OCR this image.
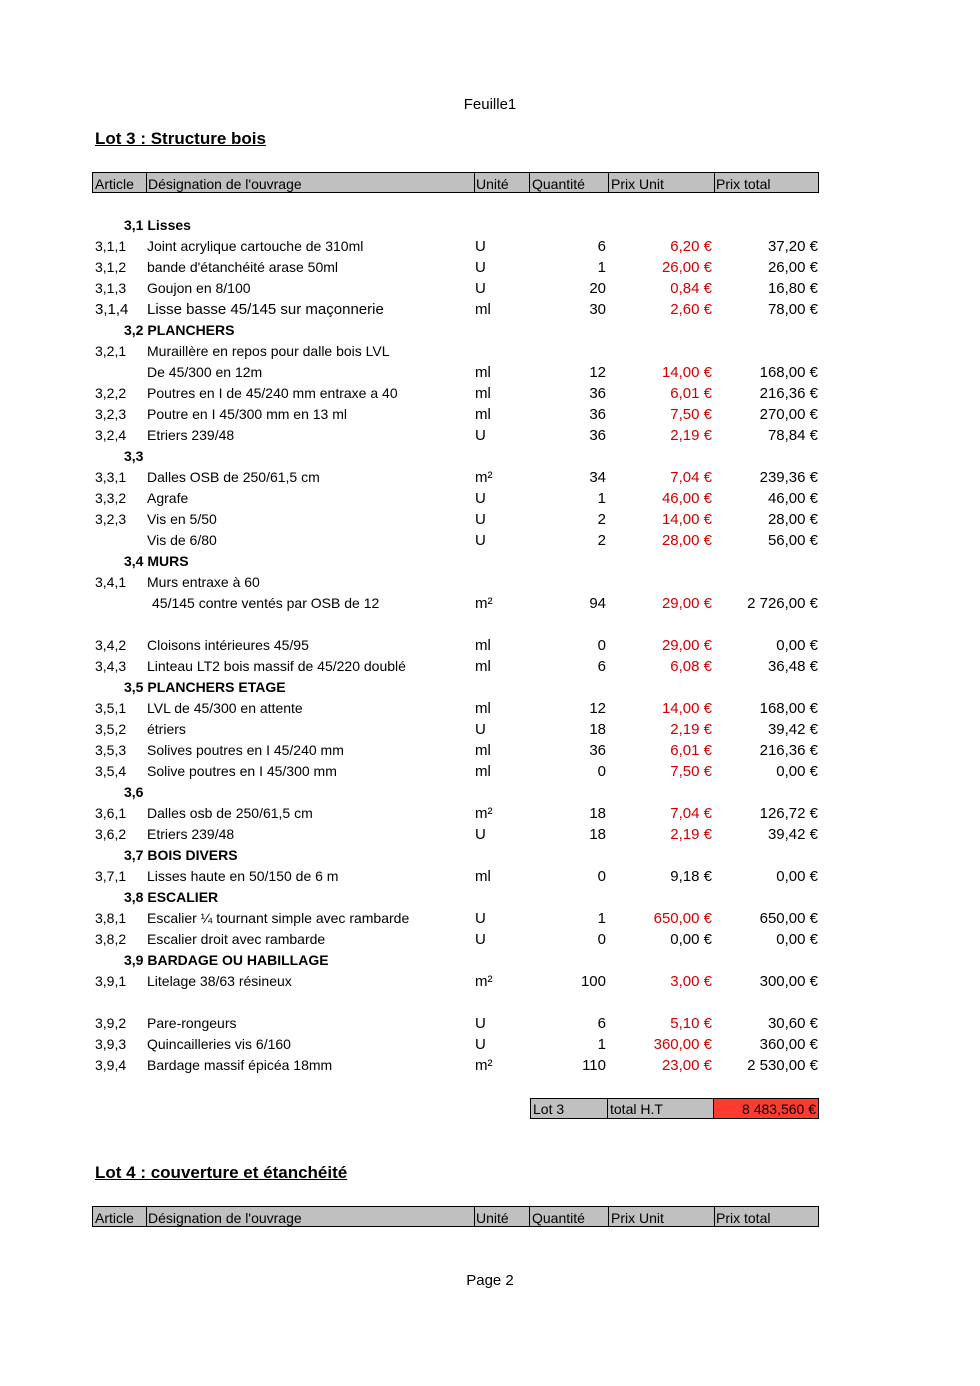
Feuille1
Lot 3 : Structure bois
Article Désignation de l'ouvrage	Unité Quantité Prix Unit	Prix total
3,1 Lisses
3,1,1 Joint acrylique cartouche de 310ml	U	6	6,20 €	37,20 €
3,1,2 bande d'étanchéité arase 50ml	U	1	26,00 €	26,00 €
3,1,3 Goujon en 8/100	U	20	0,84 €	16,80 €
3,1,4 Lisse basse 45/145 sur maçonnerie	ml	30	2,60 €	78,00 €
3,2 PLANCHERS
3,2,1 Muraillère en repos pour dalle bois LVL
De 45/300 en 12m	ml	12	14,00 €	168,00 €
3,2,2 Poutres en I de 45/240 mm entraxe a 40	ml	36	6,01 €	216,36 €
3,2,3 Poutre en I 45/300 mm en 13 ml	ml	36	7,50 €	270,00 €
3,2,4 Etriers 239/48	U	36	2,19 €	78,84 €
3,3
3,3,1 Dalles OSB de 250/61,5 cm	m²	34	7,04 €	239,36 €
3,3,2 Agrafe	U	1	46,00 €	46,00 €
3,2,3 Vis en 5/50	U	2	14,00 €	28,00 €
Vis de 6/80	U	2	28,00 €	56,00 €
3,4 MURS
3,4,1 Murs entraxe à 60
45/145 contre ventés par OSB de 12	m²	94	29,00 €	2 726,00 €
3,4,2 Cloisons intérieures 45/95	ml	0	29,00 €	0,00 €
3,4,3 Linteau LT2 bois massif de 45/220 doublé	ml	6	6,08 €	36,48 €
3,5 PLANCHERS ETAGE
3,5,1 LVL de 45/300 en attente	ml	12	14,00 €	168,00 €
3,5,2 étriers	U	18	2,19 €	39,42 €
3,5,3 Solives poutres en I 45/240 mm	ml	36	6,01 €	216,36 €
3,5,4 Solive poutres en I 45/300 mm	ml	0	7,50 €	0,00 €
3,6
3,6,1 Dalles osb de 250/61,5 cm	m²	18	7,04 €	126,72 €
3,6,2 Etriers 239/48	U	18	2,19 €	39,42 €
3,7 BOIS DIVERS
3,7,1 Lisses haute en 50/150 de 6 m	ml	0	9,18 €	0,00 €
3,8 ESCALIER
3,8,1 Escalier ¼ tournant simple avec rambarde	U	1	650,00 €	650,00 €
3,8,2 Escalier droit avec rambarde	U	0	0,00 €	0,00 €
3,9 BARDAGE OU HABILLAGE
3,9,1 Litelage 38/63 résineux	m²	100	3,00 €	300,00 €
3,9,2 Pare-rongeurs	U	6	5,10 €	30,60 €
3,9,3 Quincailleries vis 6/160	U	1	360,00 €	360,00 €
3,9,4 Bardage massif épicéa 18mm	m²	110	23,00 €	2 530,00 €
Lot 3	total H.T	8 483,560 €
Lot 4 : couverture et étanchéité
Article Désignation de l'ouvrage	Unité Quantité Prix Unit	Prix total
Page 2
